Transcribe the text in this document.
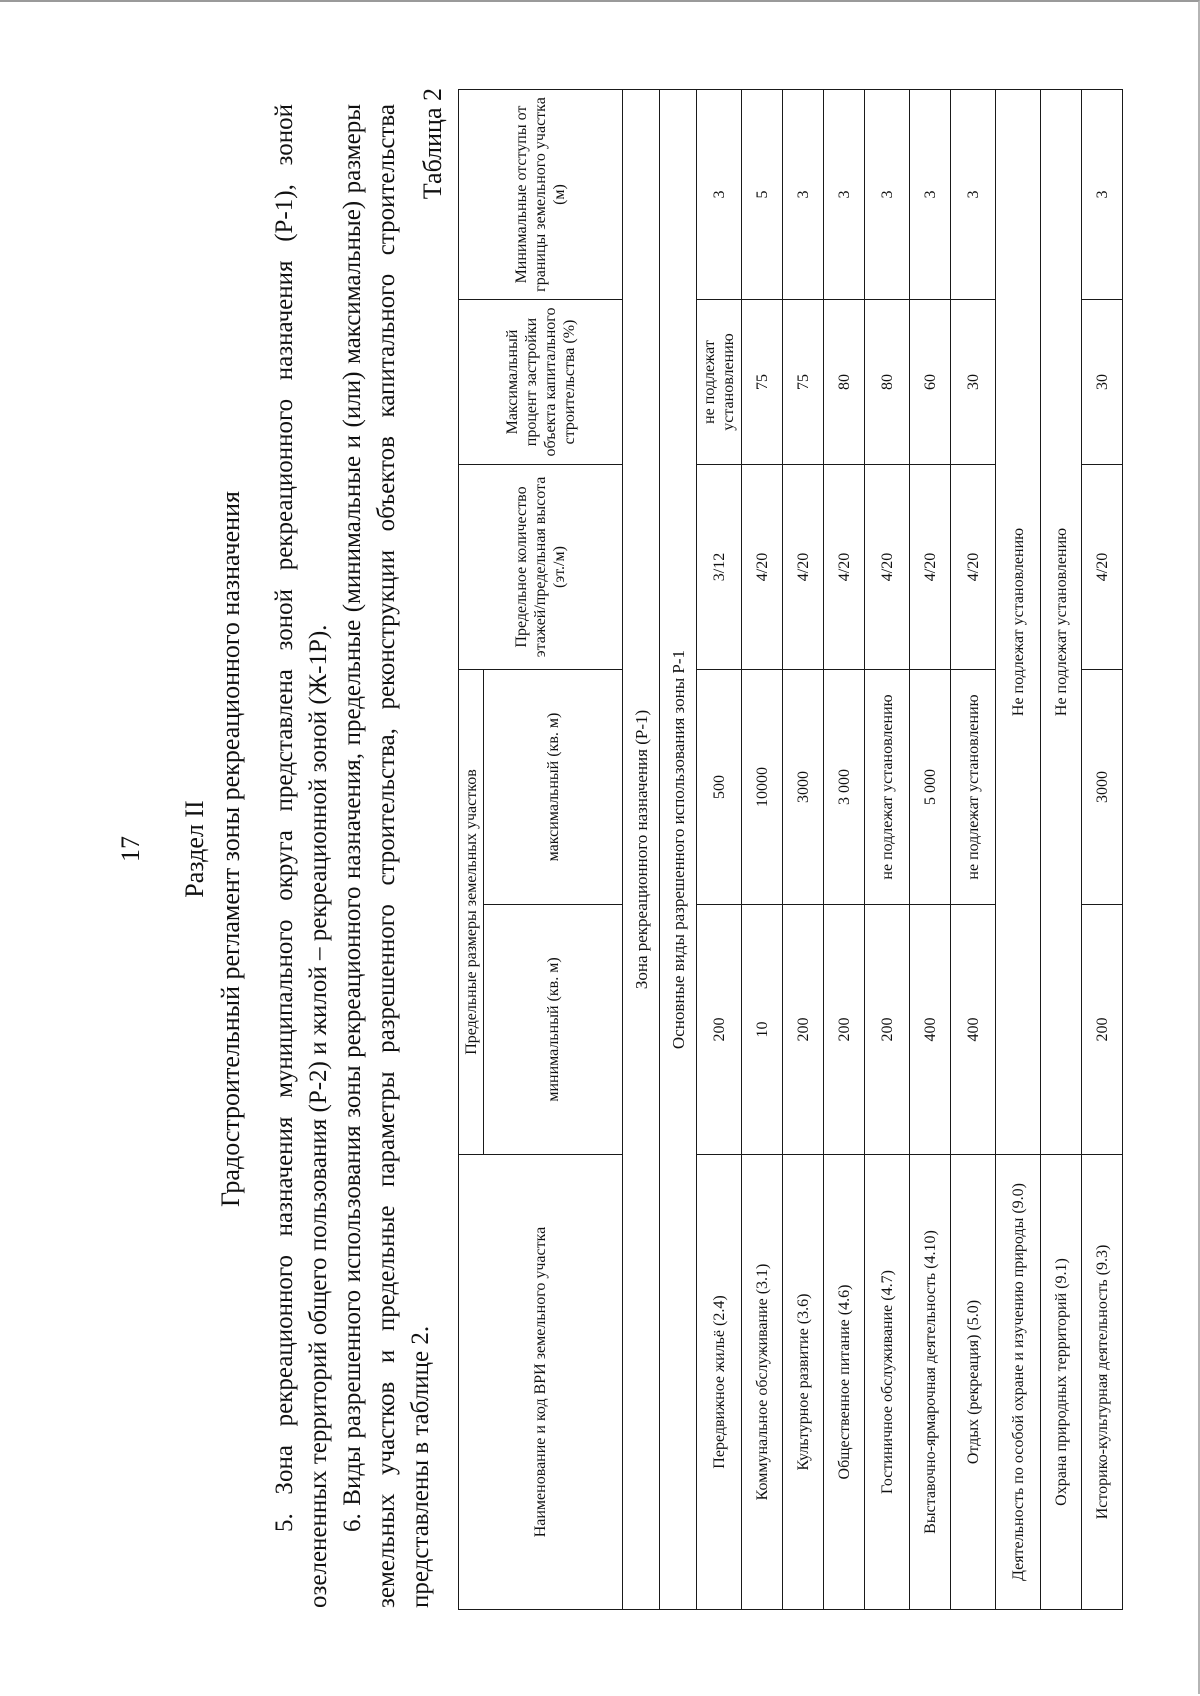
17 Раздел II Градостроительный регламент зоны рекреационного назначения 5. Зона рекреационного назначения муниципального округа представлена зоной рекреационного назначения (Р-1), зоной озелененных территорий общего пользования (Р-2) и жилой – рекреационной зоной (Ж-1Р). 6. Виды разрешенного использования зоны рекреационного назначения, предельные (минимальные и (или) максимальные) размеры земельных участков и предельные параметры разрешенного строительства, реконструкции объектов капитального строительства представлены в таблице 2.

Таблица 2
Наименование и код ВРИ земельного участка	Предельные размеры земельных участков		Предельное количество этажей/предельная высота (эт./м)	Максимальный процент застройки объекта капитального строительства (%)	Минимальные отступы от границы земельного участка (м)
	минимальный (кв. м)	максимальный (кв. м)			
Зона рекреационного назначения (Р-1)					
Основные виды разрешенного использования зоны Р-1					
Передвижное жильё (2.4)	200	500	3/12	не подлежат установлению	3
Коммунальное обслуживание (3.1)	10	10000	4/20	75	5
Культурное развитие (3.6)	200	3000	4/20	75	3
Общественное питание (4.6)	200	3 000	4/20	80	3
Гостиничное обслуживание (4.7)	200	не подлежат установлению	4/20	80	3
Выставочно-ярмарочная деятельность (4.10)	400	5 000	4/20	60	3
Отдых (рекреация) (5.0)	400	не подлежат установлению	4/20	30	3
Деятельность по особой охране и изучению природы (9.0)	Не подлежат установлению				
Охрана природных территорий (9.1)	Не подлежат установлению				
Историко-культурная деятельность (9.3)	200	3000	4/20	30	3
